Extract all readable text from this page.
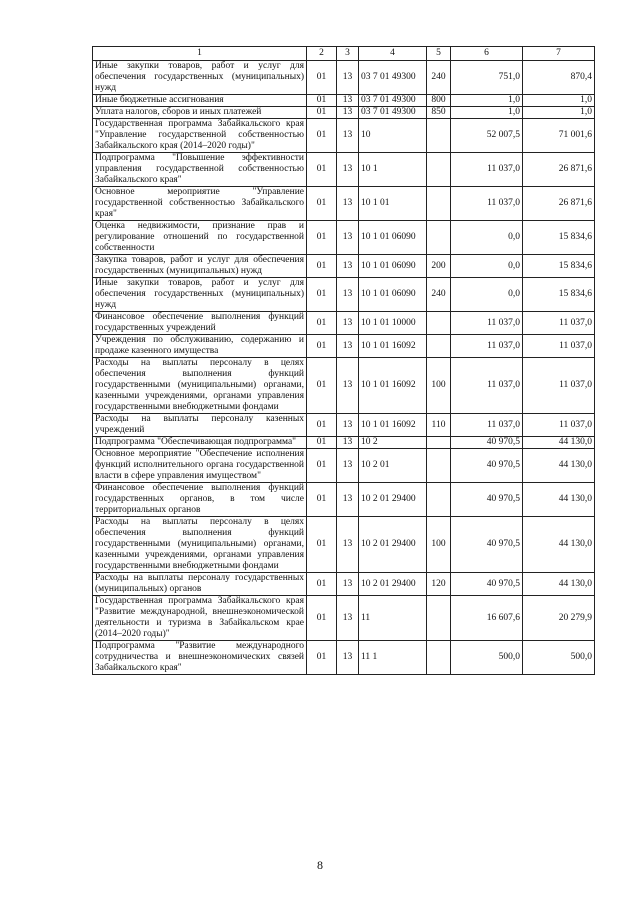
1	2	3	4	5	6	7
Иные закупки товаров, работ и услуг для обеспечения государственных (муниципальных) нужд	01	13	03 7 01 49300	240	751,0	870,4
Иные бюджетные ассигнования	01	13	03 7 01 49300	800	1,0	1,0
Уплата налогов, сборов и иных платежей	01	13	03 7 01 49300	850	1,0	1,0
Государственная программа Забайкальского края "Управление государственной собственностью Забайкальского края (2014–2020 годы)"	01	13	10		52 007,5	71 001,6
Подпрограмма "Повышение эффективности управления государственной собственностью Забайкальского края"	01	13	10 1		11 037,0	26 871,6
Основное мероприятие "Управление государственной собственностью Забайкальского края"	01	13	10 1 01		11 037,0	26 871,6
Оценка недвижимости, признание прав и регулирование отношений по государственной собственности	01	13	10 1 01 06090		0,0	15 834,6
Закупка товаров, работ и услуг для обеспечения государственных (муниципальных) нужд	01	13	10 1 01 06090	200	0,0	15 834,6
Иные закупки товаров, работ и услуг для обеспечения государственных (муниципальных) нужд	01	13	10 1 01 06090	240	0,0	15 834,6
Финансовое обеспечение выполнения функций государственных учреждений	01	13	10 1 01 10000		11 037,0	11 037,0
Учреждения по обслуживанию, содержанию и продаже казенного имущества	01	13	10 1 01 16092		11 037,0	11 037,0
Расходы на выплаты персоналу в целях обеспечения выполнения функций государственными (муниципальными) органами, казенными учреждениями, органами управления государственными внебюджетными фондами	01	13	10 1 01 16092	100	11 037,0	11 037,0
Расходы на выплаты персоналу казенных учреждений	01	13	10 1 01 16092	110	11 037,0	11 037,0
Подпрограмма "Обеспечивающая подпрограмма"	01	13	10 2		40 970,5	44 130,0
Основное мероприятие "Обеспечение исполнения функций исполнительного органа государственной власти в сфере управления имуществом"	01	13	10 2 01		40 970,5	44 130,0
Финансовое обеспечение выполнения функций государственных органов, в том числе территориальных органов	01	13	10 2 01 29400		40 970,5	44 130,0
Расходы на выплаты персоналу в целях обеспечения выполнения функций государственными (муниципальными) органами, казенными учреждениями, органами управления государственными внебюджетными фондами	01	13	10 2 01 29400	100	40 970,5	44 130,0
Расходы на выплаты персоналу государственных (муниципальных) органов	01	13	10 2 01 29400	120	40 970,5	44 130,0
Государственная программа Забайкальского края "Развитие международной, внешнеэкономической деятельности и туризма в Забайкальском крае (2014–2020 годы)"	01	13	11		16 607,6	20 279,9
Подпрограмма "Развитие международного сотрудничества и внешнеэкономических связей Забайкальского края"	01	13	11 1		500,0	500,0
8
